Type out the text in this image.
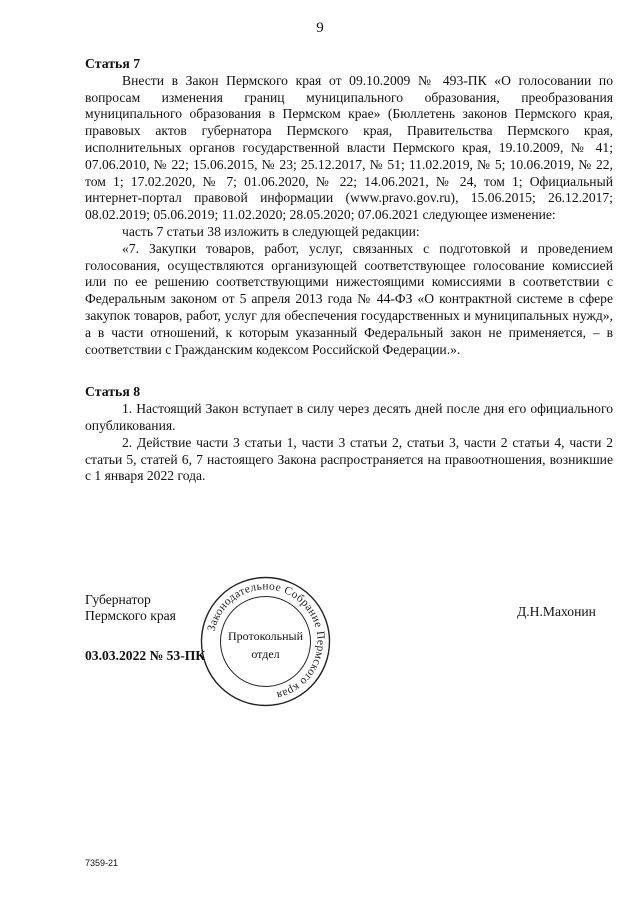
9

Статья 7

Внести в Закон Пермского края от 09.10.2009 № 493-ПК «О голосовании по вопросам изменения границ муниципального образования, преобразования муниципального образования в Пермском крае» (Бюллетень законов Пермского края, правовых актов губернатора Пермского края, Правительства Пермского края, исполнительных органов государственной власти Пермского края, 19.10.2009, № 41; 07.06.2010, № 22; 15.06.2015, № 23; 25.12.2017, № 51; 11.02.2019, № 5; 10.06.2019, № 22, том 1; 17.02.2020, № 7; 01.06.2020, № 22; 14.06.2021, № 24, том 1; Официальный интернет-портал правовой информации (www.pravo.gov.ru), 15.06.2015; 26.12.2017; 08.02.2019; 05.06.2019; 11.02.2020; 28.05.2020; 07.06.2021 следующее изменение:

часть 7 статьи 38 изложить в следующей редакции:

«7. Закупки товаров, работ, услуг, связанных с подготовкой и проведением голосования, осуществляются организующей соответствующее голосование комиссией или по ее решению соответствующими нижестоящими комиссиями в соответствии с Федеральным законом от 5 апреля 2013 года № 44-ФЗ «О контрактной системе в сфере закупок товаров, работ, услуг для обеспечения государственных и муниципальных нужд», а в части отношений, к которым указанный Федеральный закон не применяется, – в соответствии с Гражданским кодексом Российской Федерации.».

Статья 8

1. Настоящий Закон вступает в силу через десять дней после дня его официального опубликования.

2. Действие части 3 статьи 1, части 3 статьи 2, статьи 3, части 2 статьи 4, части 2 статьи 5, статей 6, 7 настоящего Закона распространяется на правоотношения, возникшие с 1 января 2022 года.

Губернатор
Пермского края	Д.Н.Махонин
03.03.2022 № 53-ПК
Законодательное Собрание Пермского края
Протокольный
отдел
7359-21
